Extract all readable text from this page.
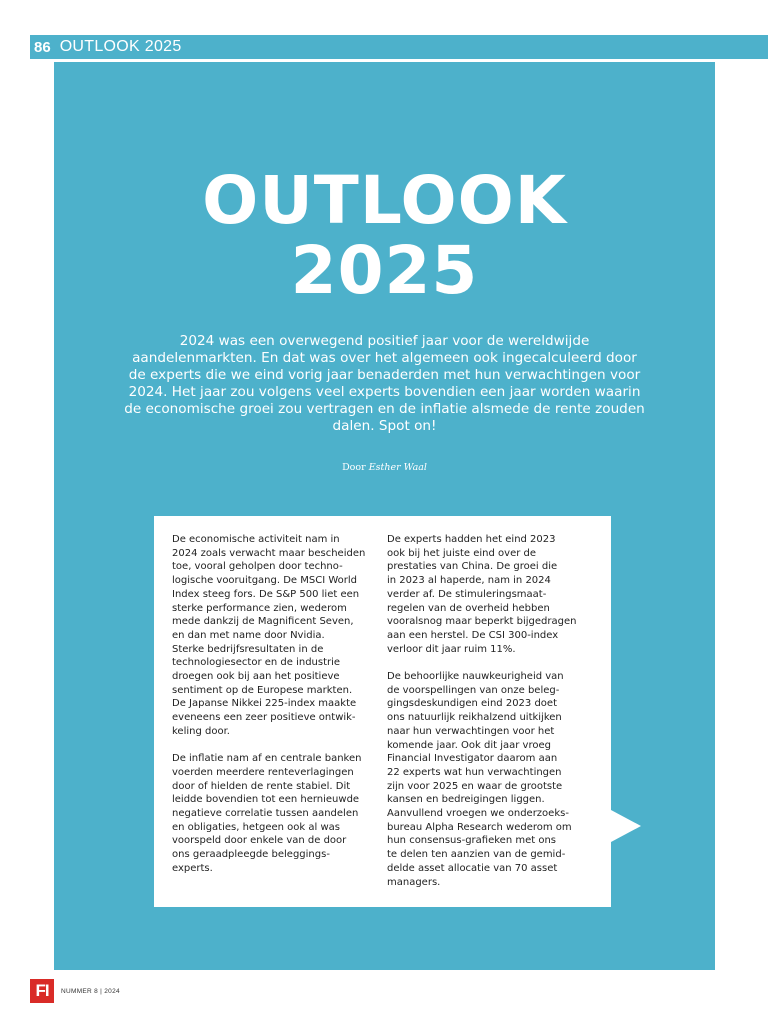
86 OUTLOOK 2025
OUTLOOK
2025

2024 was een overwegend positief jaar voor de wereldwijde aandelenmarkten. En dat was over het algemeen ook ingecalculeerd door de experts die we eind vorig jaar benaderden met hun verwachtingen voor 2024. Het jaar zou volgens veel experts bovendien een jaar worden waarin de economische groei zou vertragen en de inflatie alsmede de rente zouden dalen. Spot on!

Door Esther Waal

De economische activiteit nam in
2024 zoals verwacht maar bescheiden
toe, vooral geholpen door techno-
logische vooruitgang. De MSCI World
Index steeg fors. De S&P 500 liet een
sterke performance zien, wederom
mede dankzij de Magnificent Seven,
en dan met name door Nvidia.
Sterke bedrijfsresultaten in de
technologiesector en de industrie
droegen ook bij aan het positieve
sentiment op de Europese markten.
De Japanse Nikkei 225-index maakte
eveneens een zeer positieve ontwik-
keling door.

De inflatie nam af en centrale banken
voerden meerdere renteverlagingen
door of hielden de rente stabiel. Dit
leidde bovendien tot een hernieuwde
negatieve correlatie tussen aandelen
en obligaties, hetgeen ook al was
voorspeld door enkele van de door
ons geraadpleegde beleggings-
experts.

De experts hadden het eind 2023
ook bij het juiste eind over de
prestaties van China. De groei die
in 2023 al haperde, nam in 2024
verder af. De stimuleringsmaat-
regelen van de overheid hebben
vooralsnog maar beperkt bijgedragen
aan een herstel. De CSI 300-index
verloor dit jaar ruim 11%.

De behoorlijke nauwkeurigheid van
de voorspellingen van onze beleg-
gingsdeskundigen eind 2023 doet
ons natuurlijk reikhalzend uitkijken
naar hun verwachtingen voor het
komende jaar. Ook dit jaar vroeg
Financial Investigator daarom aan
22 experts wat hun verwachtingen
zijn voor 2025 en waar de grootste
kansen en bedreigingen liggen.
Aanvullend vroegen we onderzoeks-
bureau Alpha Research wederom om
hun consensus-grafieken met ons
te delen ten aanzien van de gemid-
delde asset allocatie van 70 asset
managers.

FI	NUMMER 8 | 2024
